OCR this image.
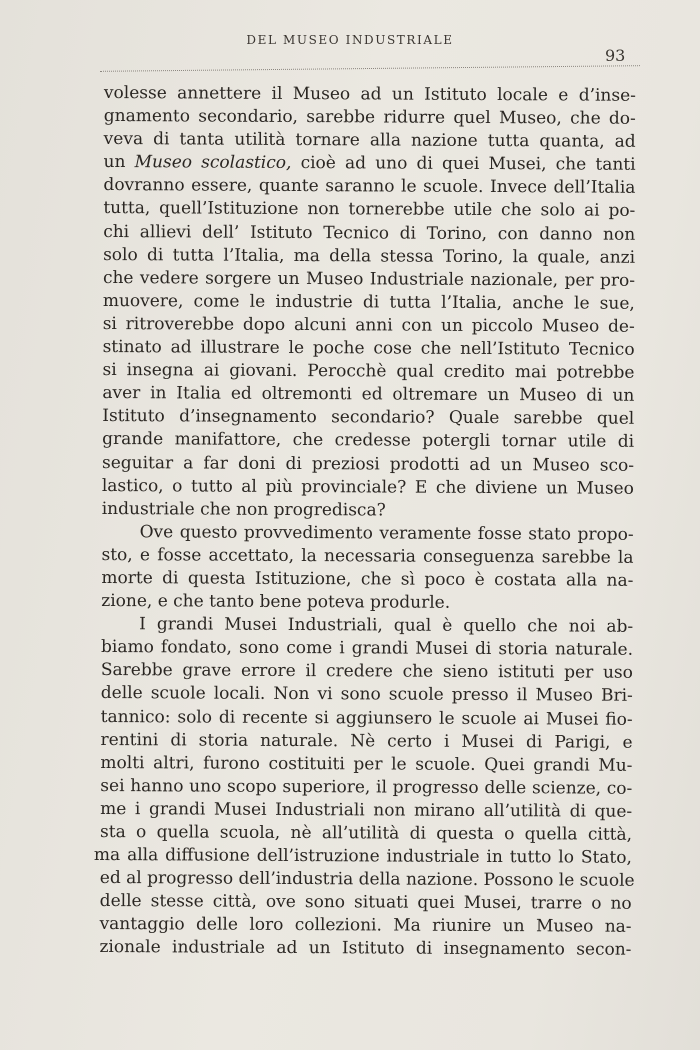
DEL MUSEO INDUSTRIALE
93
volesse annettere il Museo ad un Istituto locale e d’inse-
gnamento secondario, sarebbe ridurre quel Museo, che do-
veva di tanta utilità tornare alla nazione tutta quanta, ad
un Museo scolastico, cioè ad uno di quei Musei, che tanti
dovranno essere, quante saranno le scuole. Invece dell’Italia
tutta, quell’Istituzione non tornerebbe utile che solo ai po-
chi allievi dell’ Istituto Tecnico di Torino, con danno non
solo di tutta l’Italia, ma della stessa Torino, la quale, anzi
che vedere sorgere un Museo Industriale nazionale, per pro-
muovere, come le industrie di tutta l’Italia, anche le sue,
si ritroverebbe dopo alcuni anni con un piccolo Museo de-
stinato ad illustrare le poche cose che nell’Istituto Tecnico
si insegna ai giovani. Perocchè qual credito mai potrebbe
aver in Italia ed oltremonti ed oltremare un Museo di un
Istituto d’insegnamento secondario? Quale sarebbe quel
grande manifattore, che credesse potergli tornar utile di
seguitar a far doni di preziosi prodotti ad un Museo sco-
lastico, o tutto al più provinciale? E che diviene un Museo
industriale che non progredisca?
Ove questo provvedimento veramente fosse stato propo-
sto, e fosse accettato, la necessaria conseguenza sarebbe la
morte di questa Istituzione, che sì poco è costata alla na-
zione, e che tanto bene poteva produrle.
I grandi Musei Industriali, qual è quello che noi ab-
biamo fondato, sono come i grandi Musei di storia naturale.
Sarebbe grave errore il credere che sieno istituti per uso
delle scuole locali. Non vi sono scuole presso il Museo Bri-
tannico: solo di recente si aggiunsero le scuole ai Musei fio-
rentini di storia naturale. Nè certo i Musei di Parigi, e
molti altri, furono costituiti per le scuole. Quei grandi Mu-
sei hanno uno scopo superiore, il progresso delle scienze, co-
me i grandi Musei Industriali non mirano all’utilità di que-
sta o quella scuola, nè all’utilità di questa o quella città,
ma alla diffusione dell’istruzione industriale in tutto lo Stato,
ed al progresso dell’industria della nazione. Possono le scuole
delle stesse città, ove sono situati quei Musei, trarre o no
vantaggio delle loro collezioni. Ma riunire un Museo na-
zionale industriale ad un Istituto di insegnamento secon-
